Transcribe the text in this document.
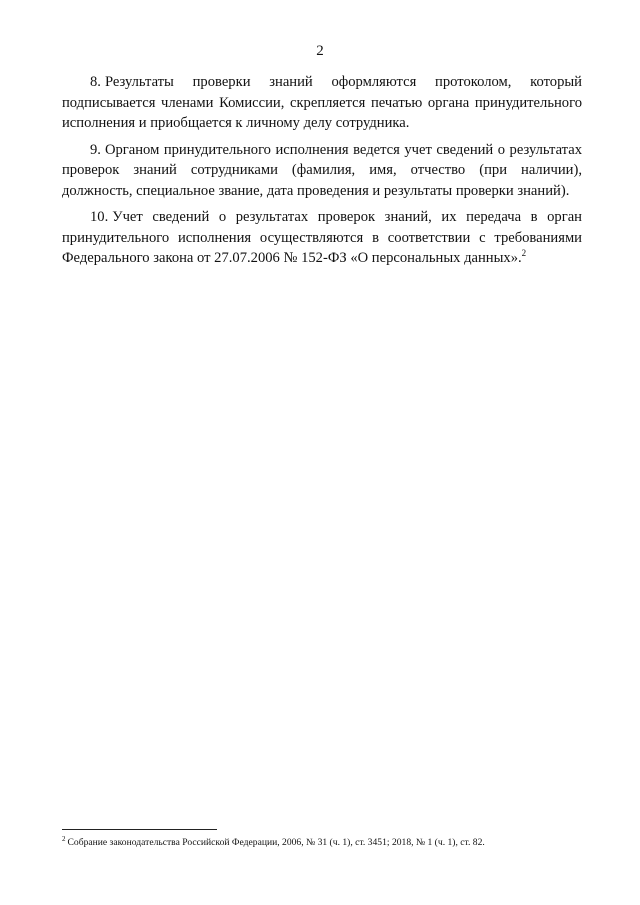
2

8. Результаты проверки знаний оформляются протоколом, который подписывается членами Комиссии, скрепляется печатью органа принудительного исполнения и приобщается к личному делу сотрудника.

9. Органом принудительного исполнения ведется учет сведений о результатах проверок знаний сотрудниками (фамилия, имя, отчество (при наличии), должность, специальное звание, дата проведения и результаты проверки знаний).

10. Учет сведений о результатах проверок знаний, их передача в орган принудительного исполнения осуществляются в соответствии с требованиями Федерального закона от 27.07.2006 № 152-ФЗ «О персональных данных».$^2$

$^2$ Собрание законодательства Российской Федерации, 2006, № 31 (ч. 1), ст. 3451; 2018, № 1 (ч. 1), ст. 82.
